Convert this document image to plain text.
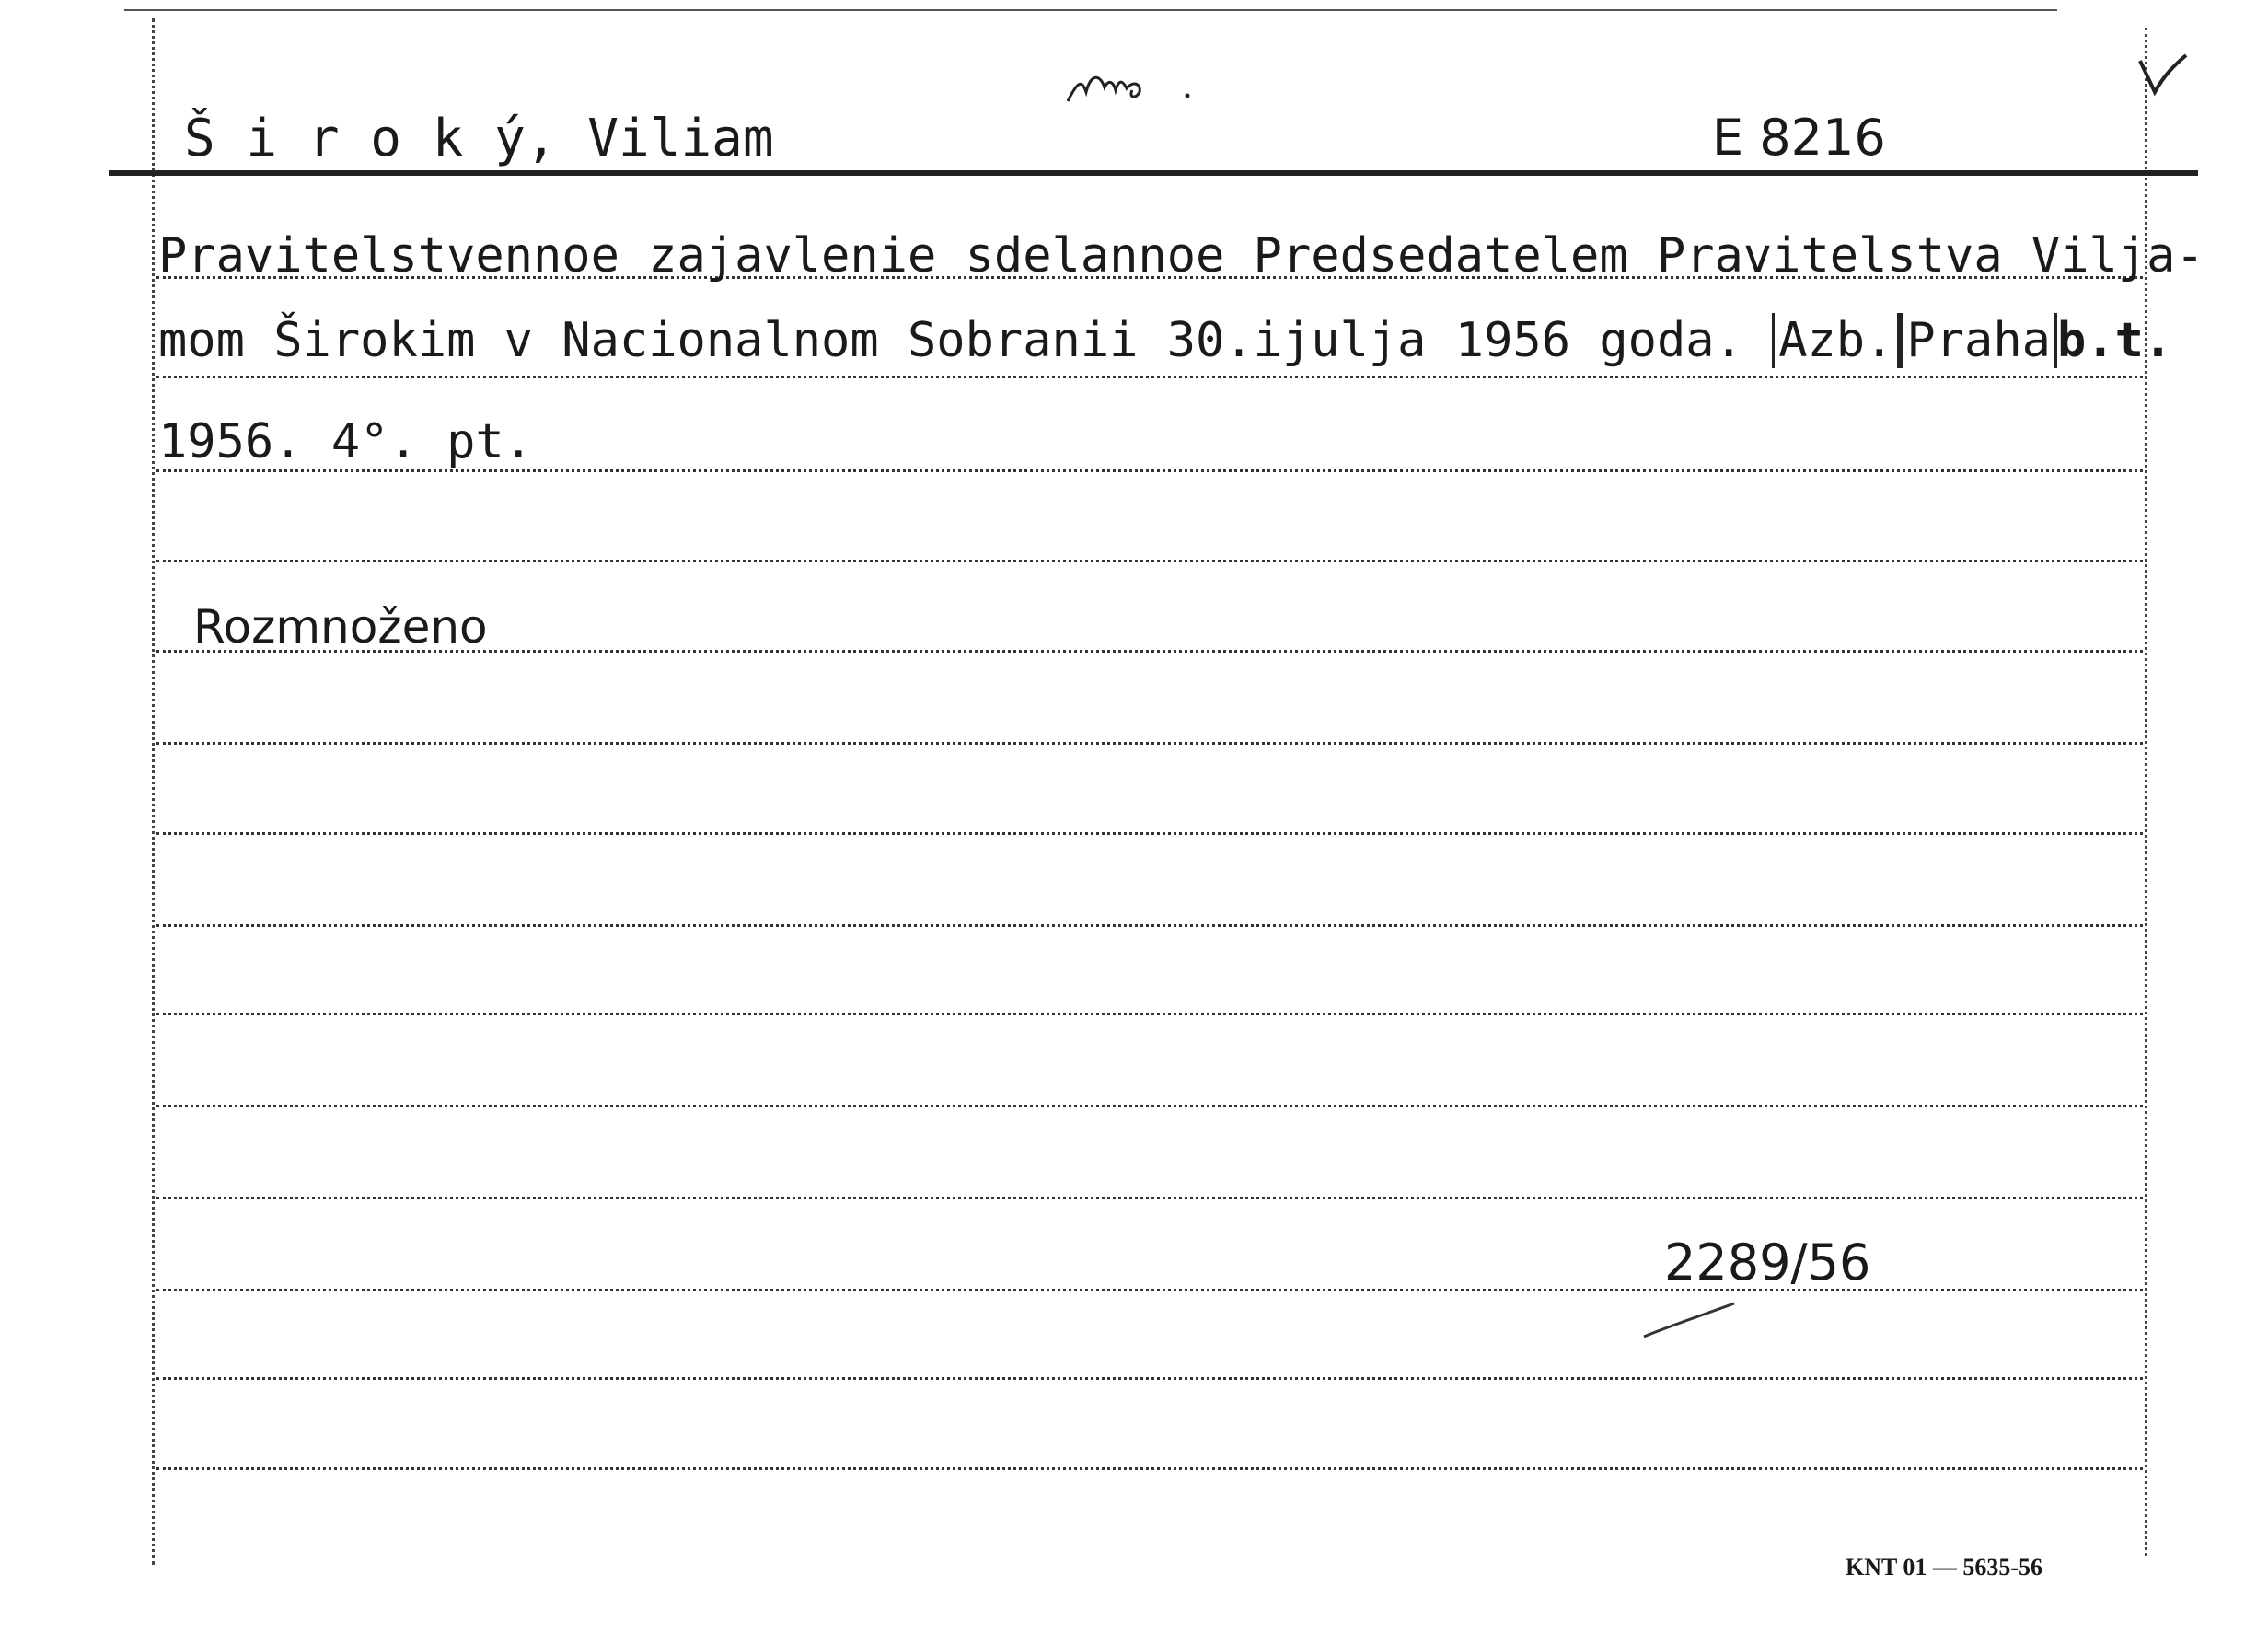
Š i r o k ý, Viliam	E 8216
Pravitelstvennoe zajavlenie sdelannoe Predsedatelem Pravitelstva Vilja-
mom Širokim v Nacionalnom Sobranii 30.ijulja 1956 goda. Azb. Praha b.t.
1956. 4°. pt.
Rozmnoženo
2289/56
KNT 01 — 5635-56
